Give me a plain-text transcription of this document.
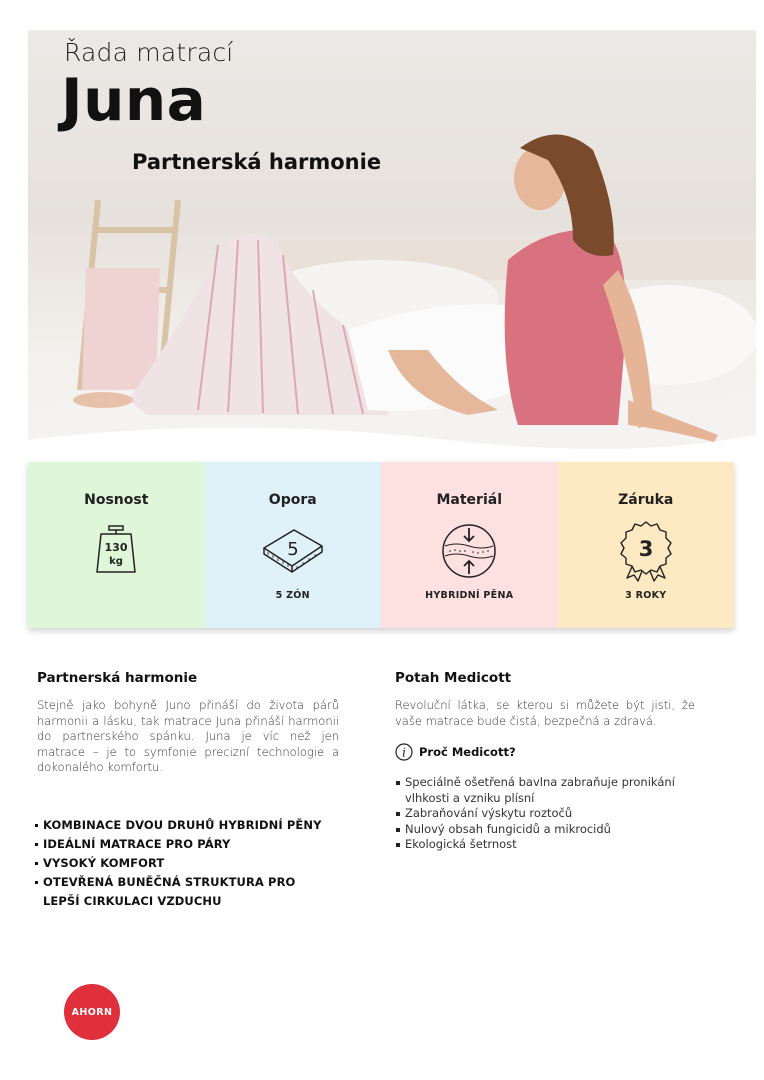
Řada matrací
Juna
Partnerská harmonie
Nosnost
130
kg
Opora
5
5 ZÓN
Materiál
HYBRIDNÍ PĚNA
Záruka
3
3 ROKY
Partnerská harmonie

Stejně jako bohyně Juno přináší do života párů harmonii a lásku, tak matrace Juna přináší harmonii do partnerského spánku. Juna je víc než jen matrace – je to symfonie precizní technologie a dokonalého komfortu.

KOMBINACE DVOU DRUHŮ HYBRIDNÍ PĚNY
IDEÁLNÍ MATRACE PRO PÁRY
VYSOKÝ KOMFORT
OTEVŘENÁ BUNĚČNÁ STRUKTURA PRO LEPŠÍ CIRKULACI VZDUCHU
Potah Medicott

Revoluční látka, se kterou si můžete být jisti, že vaše matrace bude čistá, bezpečná a zdravá.

i Proč Medicott?
Speciálně ošetřená bavlna zabraňuje pronikání vlhkosti a vzniku plísní
Zabraňování výskytu roztočů
Nulový obsah fungicidů a mikrocidů
Ekologická šetrnost
AHORN
